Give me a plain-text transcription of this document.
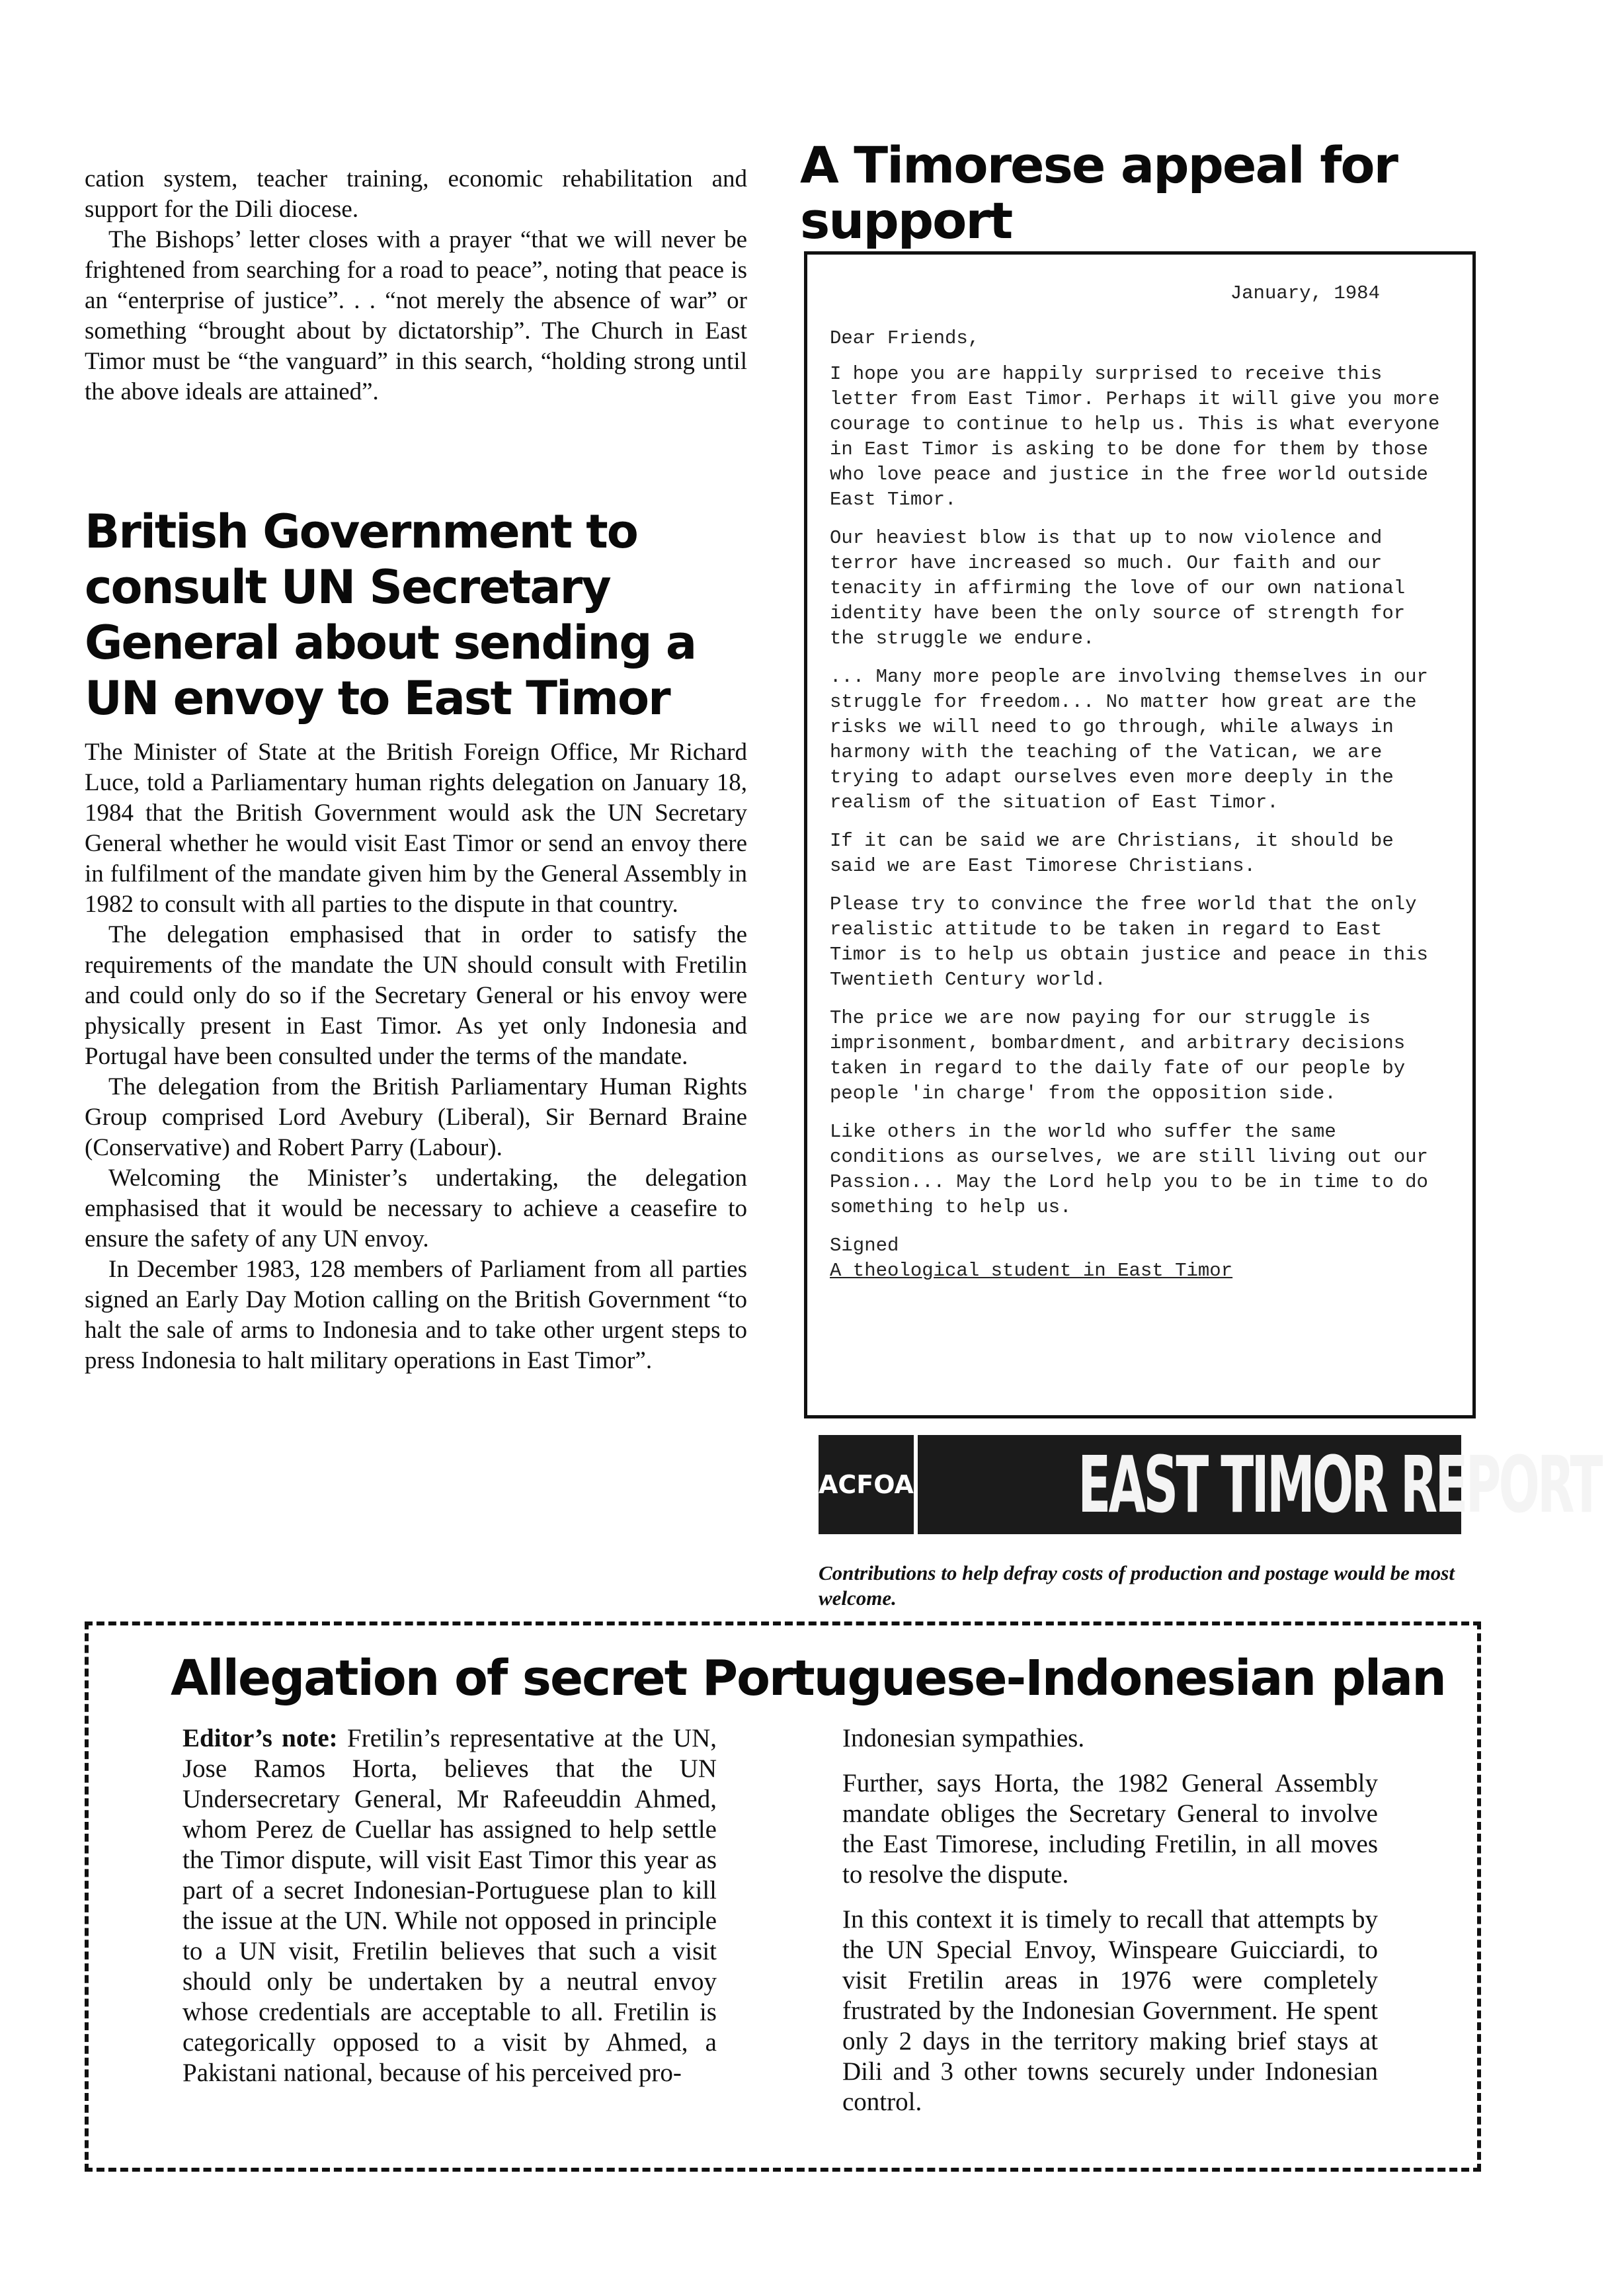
cation system, teacher training, economic rehabilitation and support for the Dili diocese.

The Bishops’ letter closes with a prayer “that we will never be frightened from searching for a road to peace”, noting that peace is an “enterprise of justice”. . . “not merely the absence of war” or something “brought about by dictatorship”. The Church in East Timor must be “the vanguard” in this search, “holding strong until the above ideals are attained”.

British Government to consult UN Secretary General about sending a UN envoy to East Timor

The Minister of State at the British Foreign Office, Mr Richard Luce, told a Parliamentary human rights delegation on January 18, 1984 that the British Government would ask the UN Secretary General whether he would visit East Timor or send an envoy there in fulfilment of the mandate given him by the General Assembly in 1982 to consult with all parties to the dispute in that country.

The delegation emphasised that in order to satisfy the requirements of the mandate the UN should consult with Fretilin and could only do so if the Secretary General or his envoy were physically present in East Timor. As yet only Indonesia and Portugal have been consulted under the terms of the mandate.

The delegation from the British Parliamentary Human Rights Group comprised Lord Avebury (Liberal), Sir Bernard Braine (Conservative) and Robert Parry (Labour).

Welcoming the Minister’s undertaking, the delegation emphasised that it would be necessary to achieve a ceasefire to ensure the safety of any UN envoy.

In December 1983, 128 members of Parliament from all parties signed an Early Day Motion calling on the British Government “to halt the sale of arms to Indonesia and to take other urgent steps to press Indonesia to halt military operations in East Timor”.

A Timorese appeal for support
January, 1984
Dear Friends,

I hope you are happily surprised to receive this letter from East Timor. Perhaps it will give you more courage to continue to help us. This is what everyone in East Timor is asking to be done for them by those who love peace and justice in the free world outside East Timor.

Our heaviest blow is that up to now violence and terror have increased so much. Our faith and our tenacity in affirming the love of our own national identity have been the only source of strength for the struggle we endure.

... Many more people are involving themselves in our struggle for freedom... No matter how great are the risks we will need to go through, while always in harmony with the teaching of the Vatican, we are trying to adapt ourselves even more deeply in the realism of the situation of East Timor.

If it can be said we are Christians, it should be said we are East Timorese Christians.

Please try to convince the free world that the only realistic attitude to be taken in regard to East Timor is to help us obtain justice and peace in this Twentieth Century world.

The price we are now paying for our struggle is imprisonment, bombardment, and arbitrary decisions taken in regard to the daily fate of our people by people 'in charge' from the opposition side.

Like others in the world who suffer the same conditions as ourselves, we are still living out our Passion... May the Lord help you to be in time to do something to help us.

Signed
A theological student in East Timor
ACFOA EAST TIMOR REPORT
Contributions to help defray costs of production and postage would be most welcome.
Allegation of secret Portuguese-Indonesian plan

Editor’s note: Fretilin’s representative at the UN, Jose Ramos Horta, believes that the UN Undersecretary General, Mr Rafeeuddin Ahmed, whom Perez de Cuellar has assigned to help settle the Timor dispute, will visit East Timor this year as part of a secret Indonesian-Portuguese plan to kill the issue at the UN. While not opposed in principle to a UN visit, Fretilin believes that such a visit should only be undertaken by a neutral envoy whose credentials are acceptable to all. Fretilin is categorically opposed to a visit by Ahmed, a Pakistani national, because of his perceived pro-

Indonesian sympathies.

Further, says Horta, the 1982 General Assembly mandate obliges the Secretary General to involve the East Timorese, including Fretilin, in all moves to resolve the dispute.

In this context it is timely to recall that attempts by the UN Special Envoy, Winspeare Guicciardi, to visit Fretilin areas in 1976 were completely frustrated by the Indonesian Government. He spent only 2 days in the territory making brief stays at Dili and 3 other towns securely under Indonesian control.
